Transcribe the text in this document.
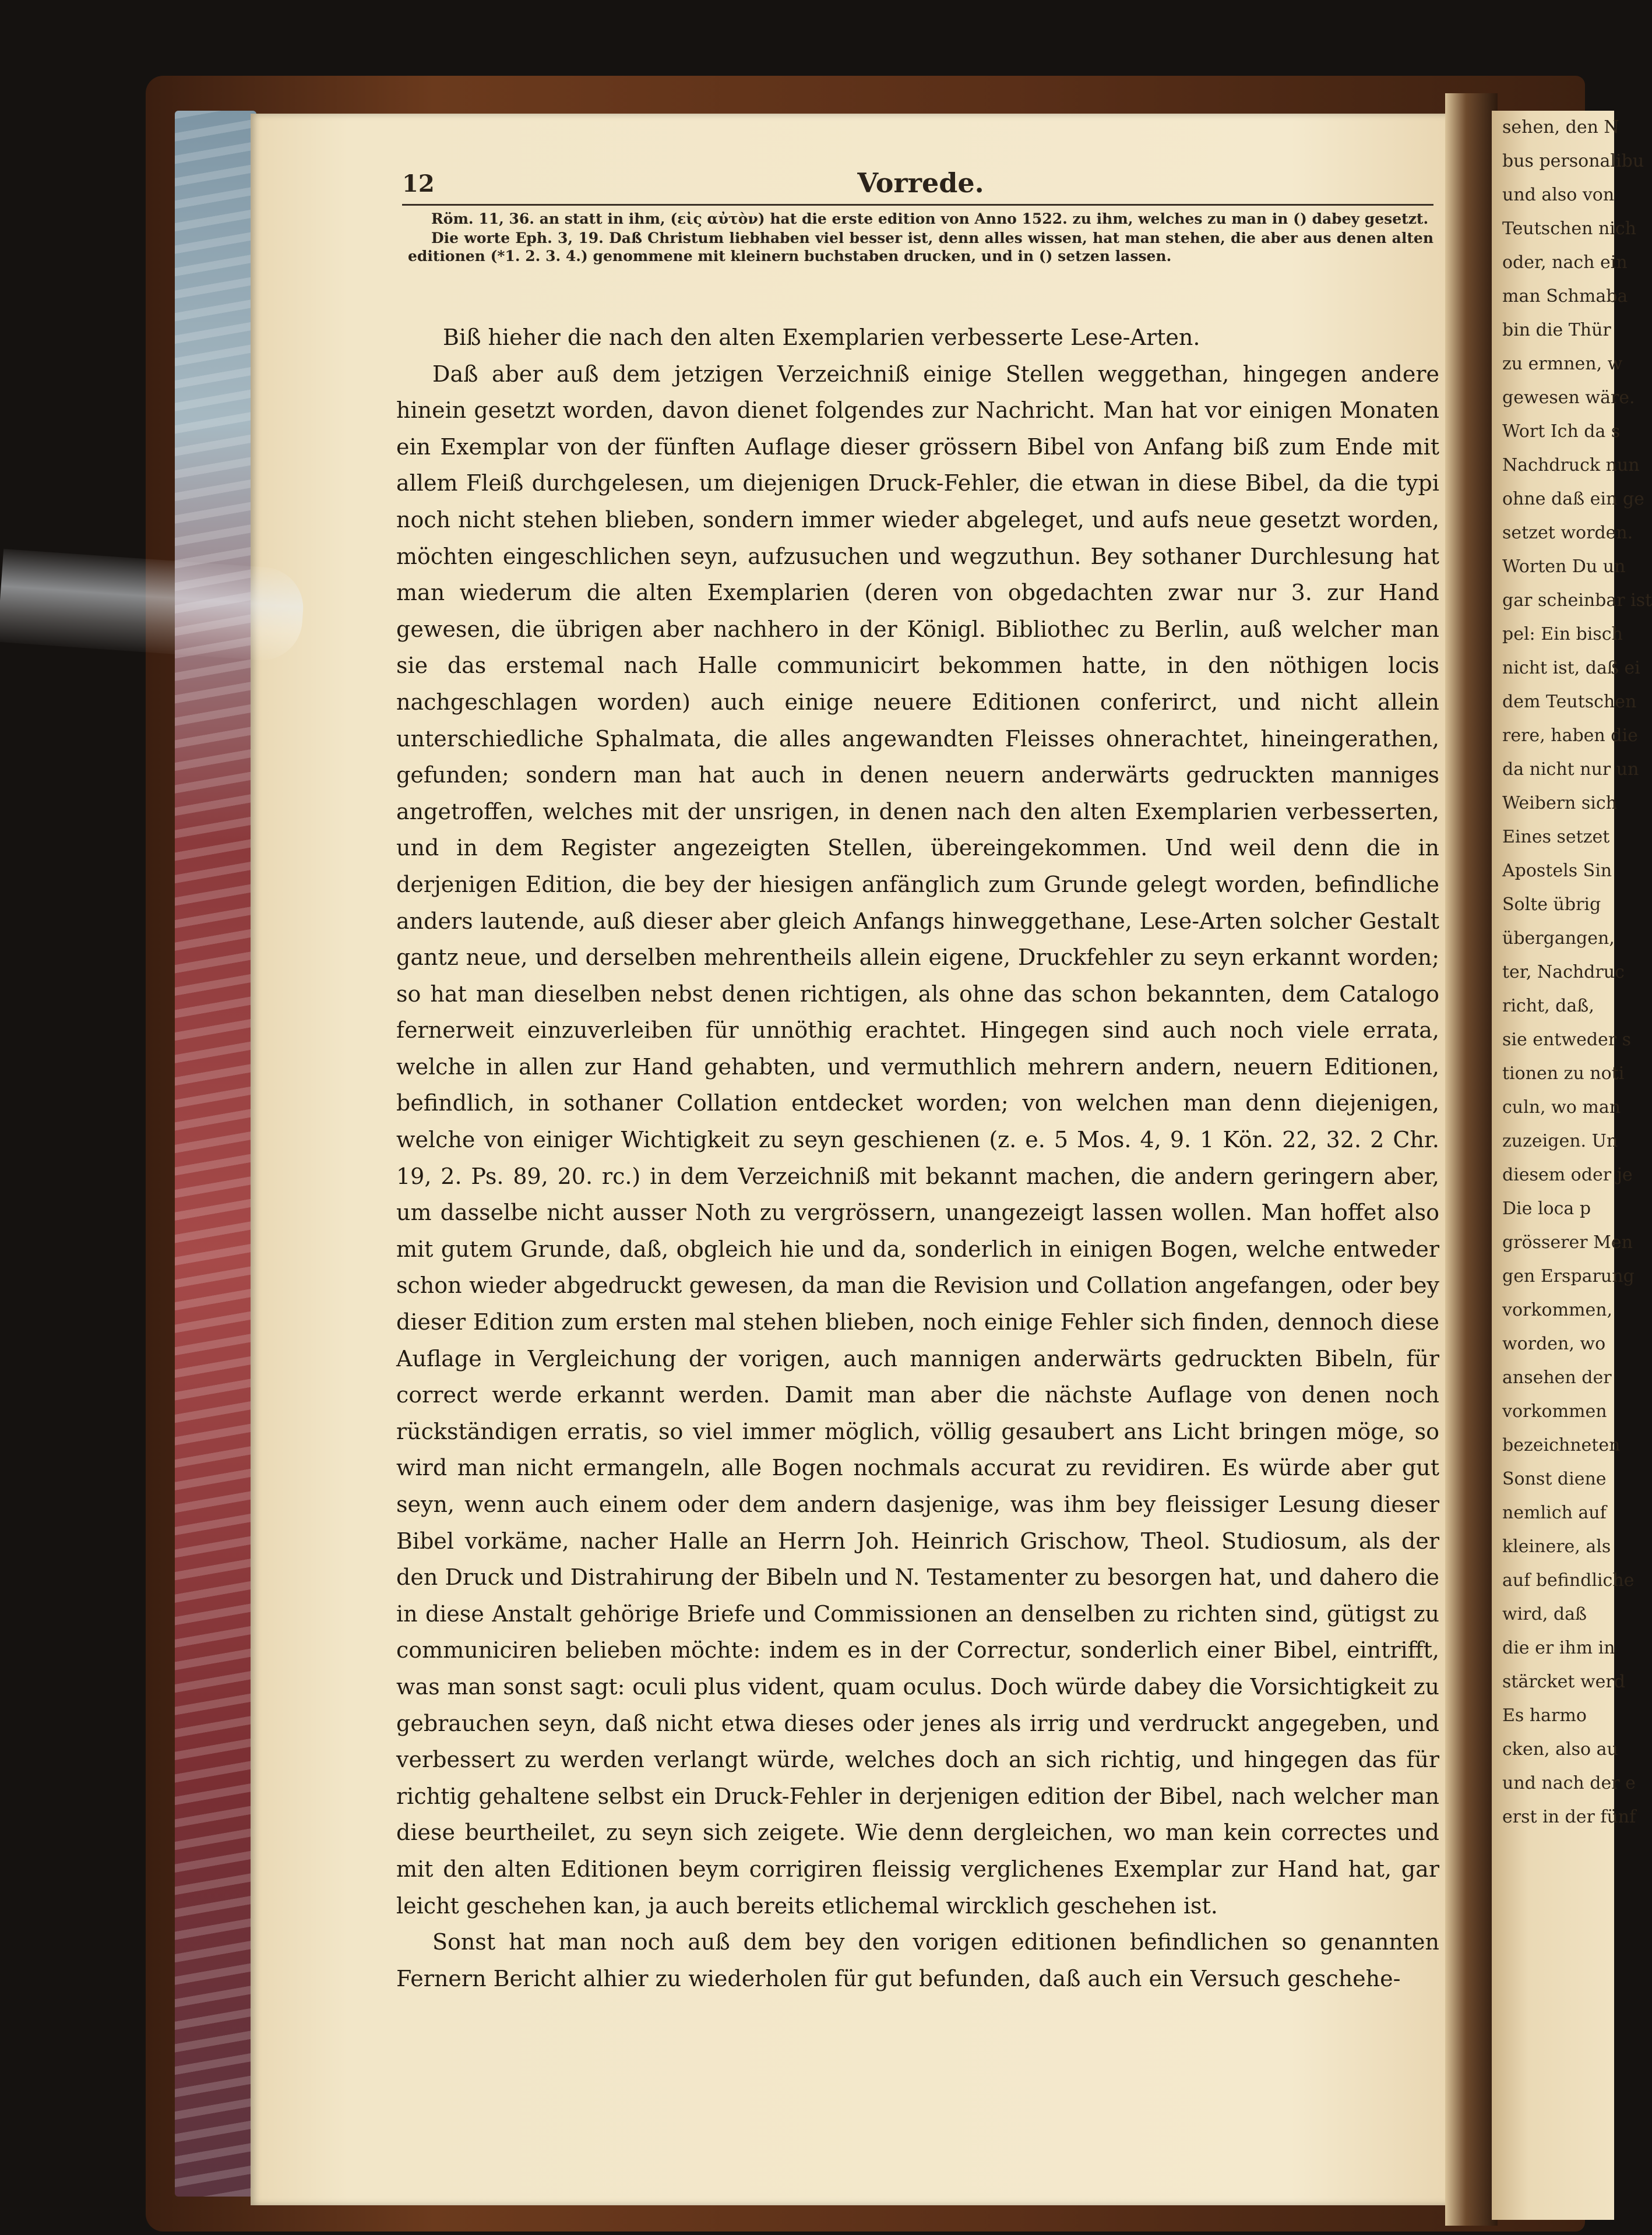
sehen, den N
bus personalibu
und also von
Teutschen nich
oder, nach ein
man Schmaba
bin die Thür
zu ermnen, w
gewesen wäre.
Wort Ich da s
Nachdruck nun
ohne daß ein ge
setzet worden.
Worten Du un
gar scheinbar ist
pel: Ein bisch
nicht ist, daß ei
dem Teutschen
rere, haben die
da nicht nur un
Weibern sich
Eines setzet
Apostels Sin
Solte übrig
übergangen,
ter, Nachdruc
richt, daß,
sie entweder s
tionen zu noti
culn, wo man
zuzeigen. Un
diesem oder je
Die loca p
grösserer Men
gen Ersparung
vorkommen,
worden, wo
ansehen der
vorkommen
bezeichneten
Sonst diene
nemlich auf
kleinere, als
auf befindliche
wird, daß
die er ihm in
stärcket werd
Es harmo
cken, also au
und nach der e
erst in der fünf
12	Vorrede.

Röm. 11, 36. an statt in ihm, (εἰς αὐτὸν) hat die erste edition von Anno 1522. zu ihm, welches zu man in () dabey gesetzt.

Die worte Eph. 3, 19. Daß Christum liebhaben viel besser ist, denn alles wissen, hat man stehen, die aber aus denen alten editionen (*1. 2. 3. 4.) genommene mit kleinern buchstaben drucken, und in () setzen lassen.

Biß hieher die nach den alten Exemplarien verbesserte Lese-Arten.

Daß aber auß dem jetzigen Verzeichniß einige Stellen weggethan, hingegen andere hinein gesetzt worden, davon dienet folgendes zur Nachricht. Man hat vor einigen Monaten ein Exemplar von der fünften Auflage dieser grössern Bibel von Anfang biß zum Ende mit allem Fleiß durchgelesen, um diejenigen Druck-Fehler, die etwan in diese Bibel, da die typi noch nicht stehen blieben, sondern immer wieder abgeleget, und aufs neue gesetzt worden, möchten eingeschlichen seyn, aufzusuchen und wegzuthun. Bey sothaner Durchlesung hat man wiederum die alten Exemplarien (deren von obgedachten zwar nur 3. zur Hand gewesen, die übrigen aber nachhero in der Königl. Bibliothec zu Berlin, auß welcher man sie das erstemal nach Halle communicirt bekommen hatte, in den nöthigen locis nachgeschlagen worden) auch einige neuere Editionen conferirct, und nicht allein unterschiedliche Sphalmata, die alles angewandten Fleisses ohnerachtet, hineingerathen, gefunden; sondern man hat auch in denen neuern anderwärts gedruckten manniges angetroffen, welches mit der unsrigen, in denen nach den alten Exemplarien verbesserten, und in dem Register angezeigten Stellen, übereingekommen. Und weil denn die in derjenigen Edition, die bey der hiesigen anfänglich zum Grunde gelegt worden, befindliche anders lautende, auß dieser aber gleich Anfangs hinweggethane, Lese-Arten solcher Gestalt gantz neue, und derselben mehrentheils allein eigene, Druckfehler zu seyn erkannt worden; so hat man dieselben nebst denen richtigen, als ohne das schon bekannten, dem Catalogo fernerweit einzuverleiben für unnöthig erachtet. Hingegen sind auch noch viele errata, welche in allen zur Hand gehabten, und vermuthlich mehrern andern, neuern Editionen, befindlich, in sothaner Collation entdecket worden; von welchen man denn diejenigen, welche von einiger Wichtigkeit zu seyn geschienen (z. e. 5 Mos. 4, 9. 1 Kön. 22, 32. 2 Chr. 19, 2. Ps. 89, 20. rc.) in dem Verzeichniß mit bekannt machen, die andern geringern aber, um dasselbe nicht ausser Noth zu vergrössern, unangezeigt lassen wollen. Man hoffet also mit gutem Grunde, daß, obgleich hie und da, sonderlich in einigen Bogen, welche entweder schon wieder abgedruckt gewesen, da man die Revision und Collation angefangen, oder bey dieser Edition zum ersten mal stehen blieben, noch einige Fehler sich finden, dennoch diese Auflage in Vergleichung der vorigen, auch mannigen anderwärts gedruckten Bibeln, für correct werde erkannt werden. Damit man aber die nächste Auflage von denen noch rückständigen erratis, so viel immer möglich, völlig gesaubert ans Licht bringen möge, so wird man nicht ermangeln, alle Bogen nochmals accurat zu revidiren. Es würde aber gut seyn, wenn auch einem oder dem andern dasjenige, was ihm bey fleissiger Lesung dieser Bibel vorkäme, nacher Halle an Herrn Joh. Heinrich Grischow, Theol. Studiosum, als der den Druck und Distrahirung der Bibeln und N. Testamenter zu besorgen hat, und dahero die in diese Anstalt gehörige Briefe und Commissionen an denselben zu richten sind, gütigst zu communiciren belieben möchte: indem es in der Correctur, sonderlich einer Bibel, eintrifft, was man sonst sagt: oculi plus vident, quam oculus. Doch würde dabey die Vorsichtigkeit zu gebrauchen seyn, daß nicht etwa dieses oder jenes als irrig und verdruckt angegeben, und verbessert zu werden verlangt würde, welches doch an sich richtig, und hingegen das für richtig gehaltene selbst ein Druck-Fehler in derjenigen edition der Bibel, nach welcher man diese beurtheilet, zu seyn sich zeigete. Wie denn dergleichen, wo man kein correctes und mit den alten Editionen beym corrigiren fleissig verglichenes Exemplar zur Hand hat, gar leicht geschehen kan, ja auch bereits etlichemal wircklich geschehen ist.

Sonst hat man noch auß dem bey den vorigen editionen befindlichen so genannten Fernern Bericht alhier zu wiederholen für gut befunden, daß auch ein Versuch geschehe-
